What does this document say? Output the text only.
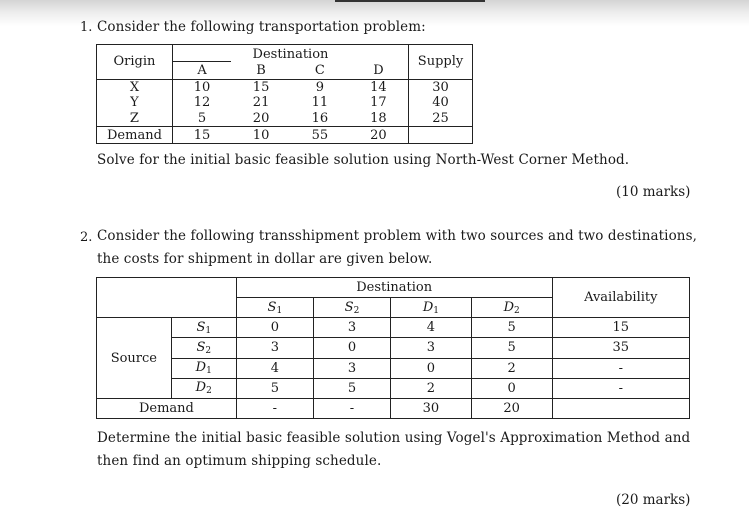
1. Consider the following transportation problem:
Origin	Destination				Supply
	A	B	C	D	
X	10	15	9	14	30
Y	12	21	11	17	40
Z	5	20	16	18	25
Demand	15	10	55	20	
Solve for the initial basic feasible solution using North-West Corner Method.
(10 marks)
2. Consider the following transshipment problem with two sources and two destinations,
the costs for shipment in dollar are given below.
		Destination				Availability
		$S_1$	$S_2$	$D_1$	$D_2$
Source	$S_1$	0	3	4	5	15
	$S_2$	3	0	3	5	35
	$D_1$	4	3	0	2	-
	$D_2$	5	5	2	0	-
Demand		-	-	30	20	
Determine the initial basic feasible solution using Vogel's Approximation Method and
then find an optimum shipping schedule.
(20 marks)
